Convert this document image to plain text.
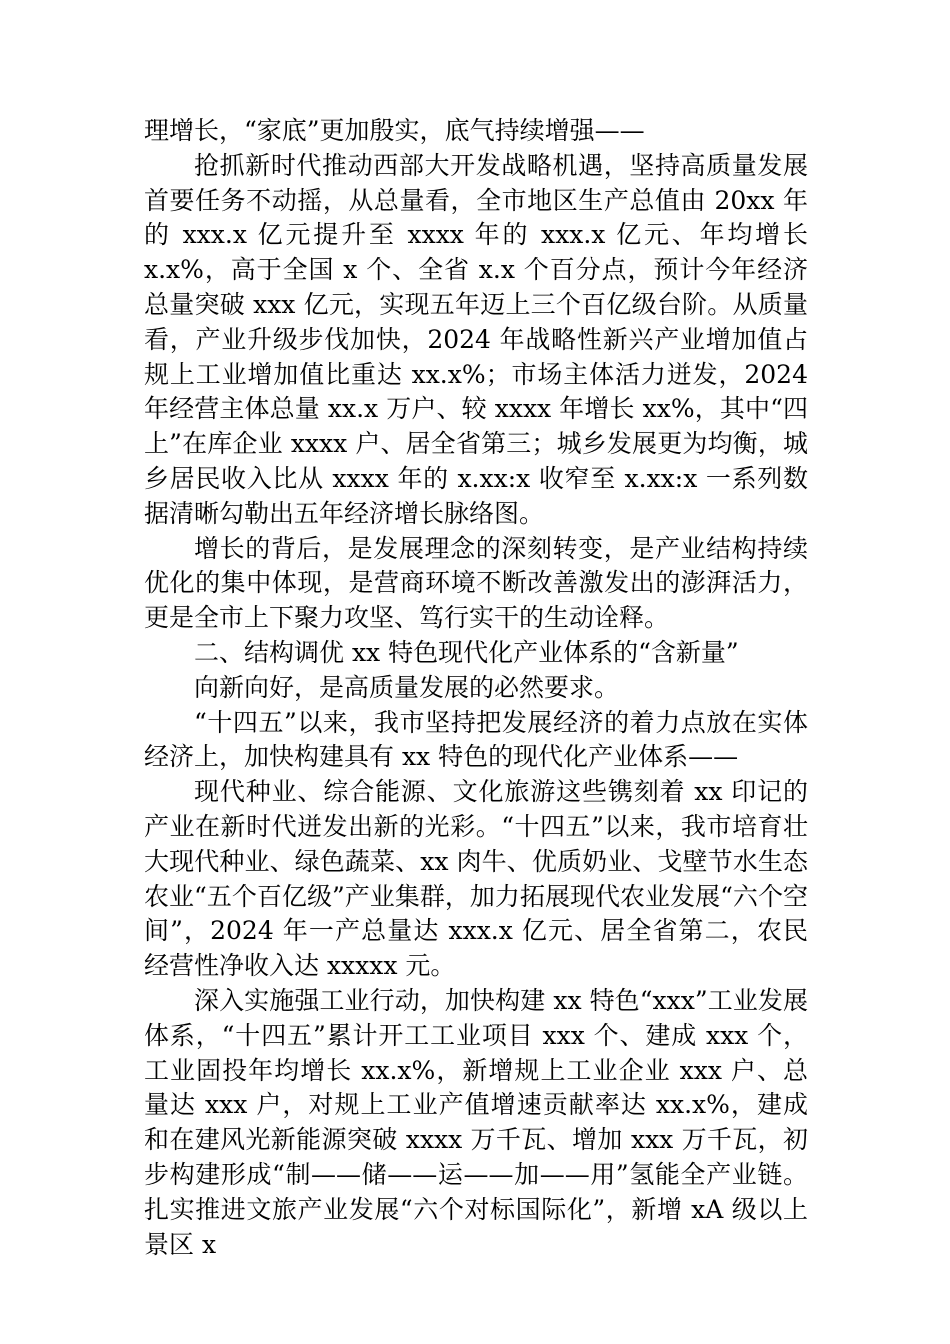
理增长，“家底”更加殷实，底气持续增强——

抢抓新时代推动西部大开发战略机遇，坚持高质量发展首要任务不动摇，从总量看，全市地区生产总值由 20xx 年的 xxx.x 亿元提升至 xxxx 年的 xxx.x 亿元、年均增长 x.x%，高于全国 x 个、全省 x.x 个百分点，预计今年经济总量突破 xxx 亿元，实现五年迈上三个百亿级台阶。从质量看，产业升级步伐加快，2024 年战略性新兴产业增加值占规上工业增加值比重达 xx.x%；市场主体活力迸发，2024 年经营主体总量 xx.x 万户、较 xxxx 年增长 xx%，其中“四上”在库企业 xxxx 户、居全省第三；城乡发展更为均衡，城乡居民收入比从 xxxx 年的 x.xx:x 收窄至 x.xx:x 一系列数据清晰勾勒出五年经济增长脉络图。

增长的背后，是发展理念的深刻转变，是产业结构持续优化的集中体现，是营商环境不断改善激发出的澎湃活力，更是全市上下聚力攻坚、笃行实干的生动诠释。

二、结构调优 xx 特色现代化产业体系的“含新量”

向新向好，是高质量发展的必然要求。

“十四五”以来，我市坚持把发展经济的着力点放在实体经济上，加快构建具有 xx 特色的现代化产业体系——

现代种业、综合能源、文化旅游这些镌刻着 xx 印记的产业在新时代迸发出新的光彩。“十四五”以来，我市培育壮大现代种业、绿色蔬菜、xx 肉牛、优质奶业、戈壁节水生态农业“五个百亿级”产业集群，加力拓展现代农业发展“六个空间”，2024 年一产总量达 xxx.x 亿元、居全省第二，农民经营性净收入达 xxxxx 元。

深入实施强工业行动，加快构建 xx 特色“xxx”工业发展体系，“十四五”累计开工工业项目 xxx 个、建成 xxx 个，工业固投年均增长 xx.x%，新增规上工业企业 xxx 户、总量达 xxx 户，对规上工业产值增速贡献率达 xx.x%，建成和在建风光新能源突破 xxxx 万千瓦、增加 xxx 万千瓦，初步构建形成“制——储——运——加——用”氢能全产业链。扎实推进文旅产业发展“六个对标国际化”，新增 xA 级以上景区 x
